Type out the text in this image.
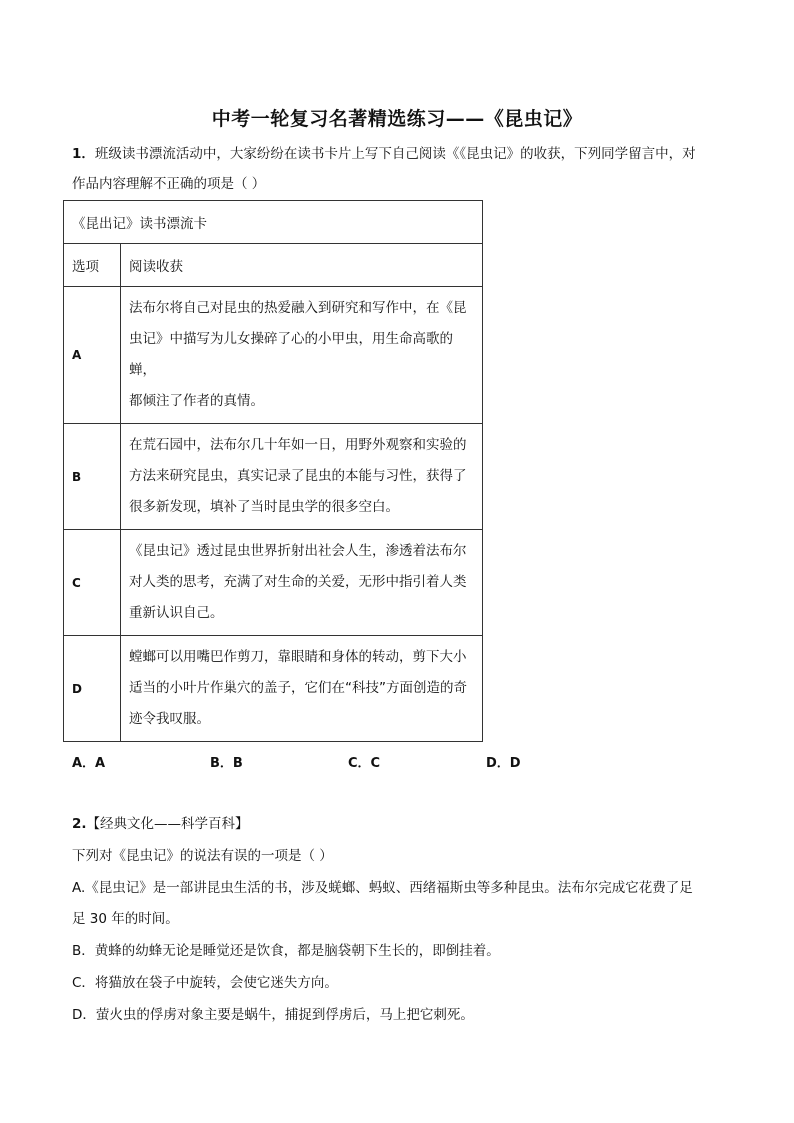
中考一轮复习名著精选练习——《昆虫记》
1．班级读书漂流活动中，大家纷纷在读书卡片上写下自己阅读《《昆虫记》的收获，下列同学留言中，对
作品内容理解不正确的项是（ ）
《昆出记》读书漂流卡	
选项	阅读收获
A	法布尔将自己对昆虫的热爱融入到研究和写作中，在《昆
虫记》中描写为儿女操碎了心的小甲虫，用生命高歌的蝉，
都倾注了作者的真情。

B	在荒石园中，法布尔几十年如一日，用野外观察和实验的
方法来研究昆虫，真实记录了昆虫的本能与习性，获得了
很多新发现，填补了当时昆虫学的很多空白。

C	《昆虫记》透过昆虫世界折射出社会人生，渗透着法布尔
对人类的思考，充满了对生命的关爱，无形中指引着人类
重新认识自己。

D	螳螂可以用嘴巴作剪刀，靠眼睛和身体的转动，剪下大小
适当的小叶片作巢穴的盖子，它们在“科技”方面创造的奇
迹令我叹服。
A．A	B．B	C．C	D．D
2.【经典文化——科学百科】
下列对《昆虫记》的说法有误的一项是（ ）
A.《昆虫记》是一部讲昆虫生活的书，涉及蜣螂、蚂蚁、西绪福斯虫等多种昆虫。法布尔完成它花费了足
足 30 年的时间。
B．黄蜂的幼蜂无论是睡觉还是饮食，都是脑袋朝下生长的，即倒挂着。
C．将猫放在袋子中旋转，会使它迷失方向。
D．萤火虫的俘虏对象主要是蜗牛，捕捉到俘虏后，马上把它刺死。
